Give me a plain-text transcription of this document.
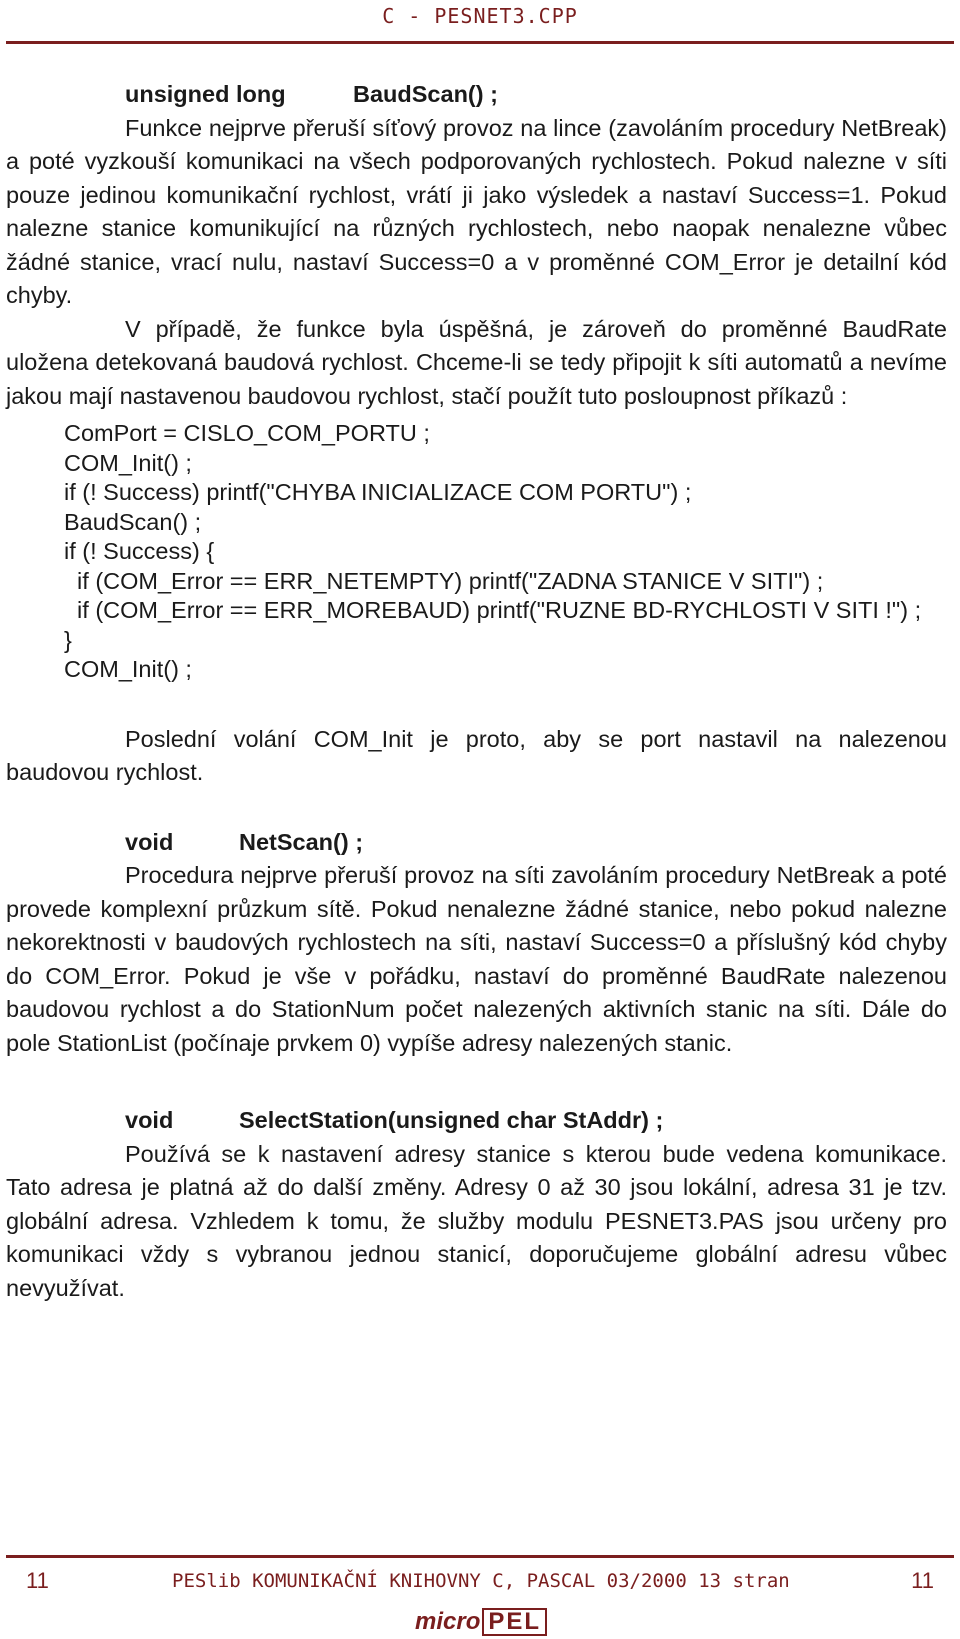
C - PESNET3.CPP
unsigned long	BaudScan() ;

Funkce nejprve přeruší síťový provoz na lince (zavoláním procedury NetBreak) a poté vyzkouší komunikaci na všech podporovaných rychlostech. Pokud nalezne v síti pouze jedinou komunikační rychlost, vrátí ji jako výsledek a nastaví Success=1. Pokud nalezne stanice komunikující na různých rychlostech, nebo naopak nenalezne vůbec žádné stanice, vrací nulu, nastaví Success=0 a v proměnné COM_Error je detailní kód chyby.

V případě, že funkce byla úspěšná, je zároveň do proměnné BaudRate uložena detekovaná baudová rychlost. Chceme-li se tedy připojit k síti automatů a nevíme jakou mají nastavenou baudovou rychlost, stačí použít tuto posloupnost příkazů :

ComPort = CISLO_COM_PORTU ;
COM_Init() ;
if (! Success) printf("CHYBA INICIALIZACE COM PORTU") ;
BaudScan() ;
if (! Success) {
if (COM_Error == ERR_NETEMPTY) printf("ZADNA STANICE V SITI") ;
if (COM_Error == ERR_MOREBAUD) printf("RUZNE BD-RYCHLOSTI V SITI !") ;
}
COM_Init() ;

Poslední volání COM_Init je proto, aby se port nastavil na nalezenou baudovou rychlost.

void	NetScan() ;

Procedura nejprve přeruší provoz na síti zavoláním procedury NetBreak a poté provede komplexní průzkum sítě. Pokud nenalezne žádné stanice, nebo pokud nalezne nekorektnosti v baudových rychlostech na síti, nastaví Success=0 a příslušný kód chyby do COM_Error. Pokud je vše v pořádku, nastaví do proměnné BaudRate nalezenou baudovou rychlost a do StationNum počet nalezených aktivních stanic na síti. Dále do pole StationList (počínaje prvkem 0) vypíše adresy nalezených stanic.

void	SelectStation(unsigned char StAddr) ;

Používá se k nastavení adresy stanice s kterou bude vedena komunikace. Tato adresa je platná až do další změny. Adresy 0 až 30 jsou lokální, adresa 31 je tzv. globální adresa. Vzhledem k tomu, že služby modulu PESNET3.PAS jsou určeny pro komunikaci vždy s vybranou jednou stanicí, doporučujeme globální adresu vůbec nevyužívat.

11	PESlib KOMUNIKAČNÍ KNIHOVNY C, PASCAL 03/2000 13 stran	11
micro PEL
